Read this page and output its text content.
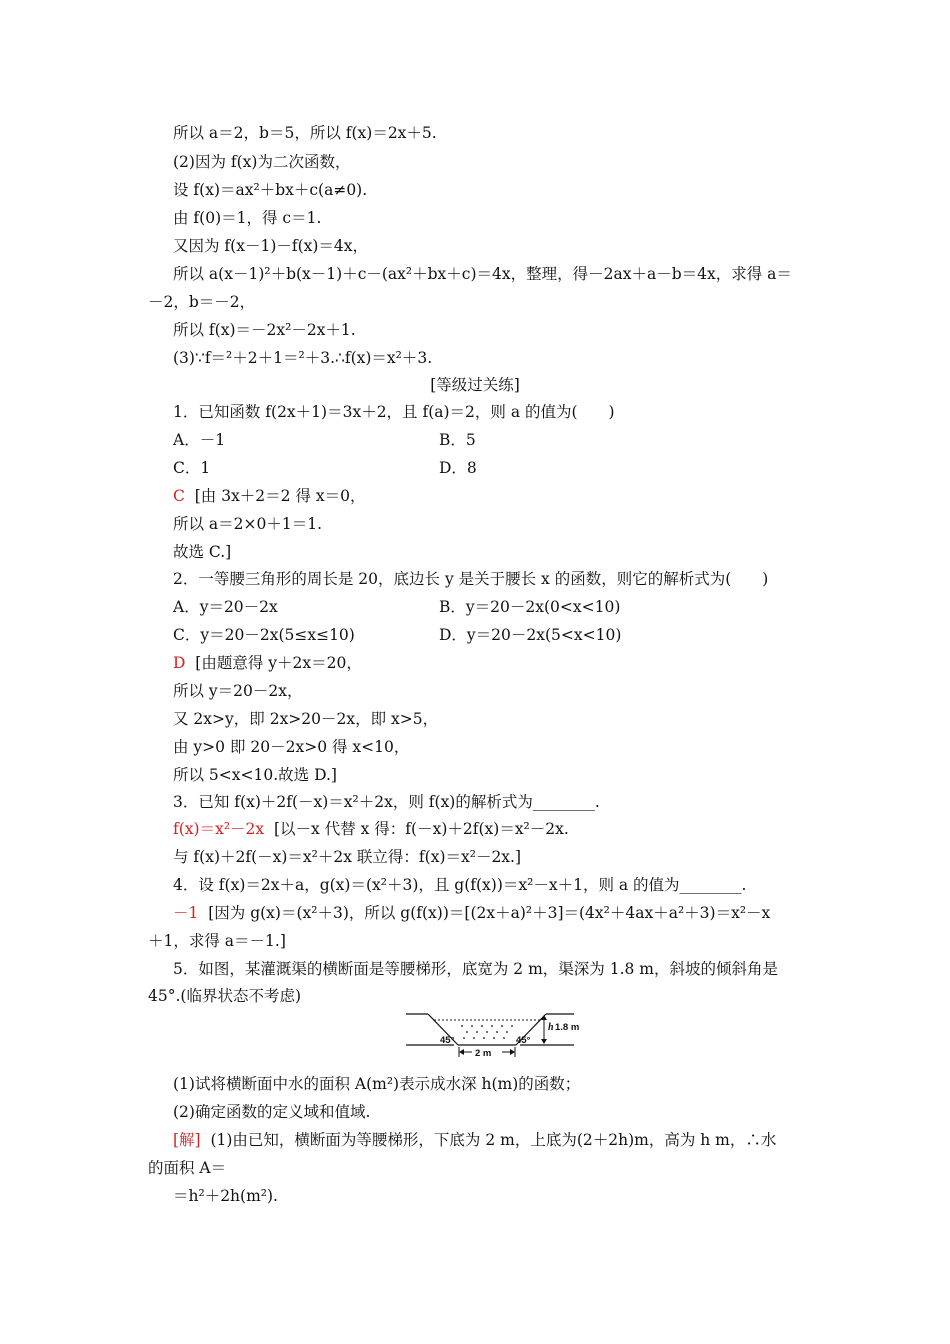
所以 a＝2，b＝5，所以 f(x)＝2x＋5.
(2)因为 f(x)为二次函数，
设 f(x)＝ax²＋bx＋c(a≠0).
由 f(0)＝1，得 c＝1.
又因为 f(x－1)－f(x)＝4x，
所以 a(x－1)²＋b(x－1)＋c－(ax²＋bx＋c)＝4x，整理，得－2ax＋a－b＝4x，求得 a＝
－2，b＝－2，
所以 f(x)＝－2x²－2x＋1.
(3)∵f＝²＋2＋1＝²＋3.∴f(x)＝x²＋3.
[等级过关练]
1．已知函数 f(2x＋1)＝3x＋2，且 f(a)＝2，则 a 的值为(　　)
A．－1	B．5
C．1	D．8
C [由 3x＋2＝2 得 x＝0，
所以 a＝2×0＋1＝1.
故选 C.]
2．一等腰三角形的周长是 20，底边长 y 是关于腰长 x 的函数，则它的解析式为(　　)
A．y＝20－2x	B．y＝20－2x(0<x<10)
C．y＝20－2x(5≤x≤10)	D．y＝20－2x(5<x<10)
D [由题意得 y＋2x＝20，
所以 y＝20－2x，
又 2x>y，即 2x>20－2x，即 x>5，
由 y>0 即 20－2x>0 得 x<10，
所以 5<x<10.故选 D.]
3．已知 f(x)＋2f(－x)＝x²＋2x，则 f(x)的解析式为________.
f(x)＝x²－2x [以－x 代替 x 得：f(－x)＋2f(x)＝x²－2x.
与 f(x)＋2f(－x)＝x²＋2x 联立得：f(x)＝x²－2x.]
4．设 f(x)＝2x＋a，g(x)＝(x²＋3)，且 g(f(x))＝x²－x＋1，则 a 的值为________.
－1 [因为 g(x)＝(x²＋3)，所以 g(f(x))＝[(2x＋a)²＋3]＝(4x²＋4ax＋a²＋3)＝x²－x
＋1，求得 a＝－1.]
5．如图，某灌溉渠的横断面是等腰梯形，底宽为 2 m，渠深为 1.8 m，斜坡的倾斜角是
45°.(临界状态不考虑)
45°	45°
h 1.8 m
2 m
(1)试将横断面中水的面积 A(m²)表示成水深 h(m)的函数；
(2)确定函数的定义域和值域.
[解] (1)由已知，横断面为等腰梯形，下底为 2 m，上底为(2＋2h)m，高为 h m，∴水
的面积 A＝
＝h²＋2h(m²).
